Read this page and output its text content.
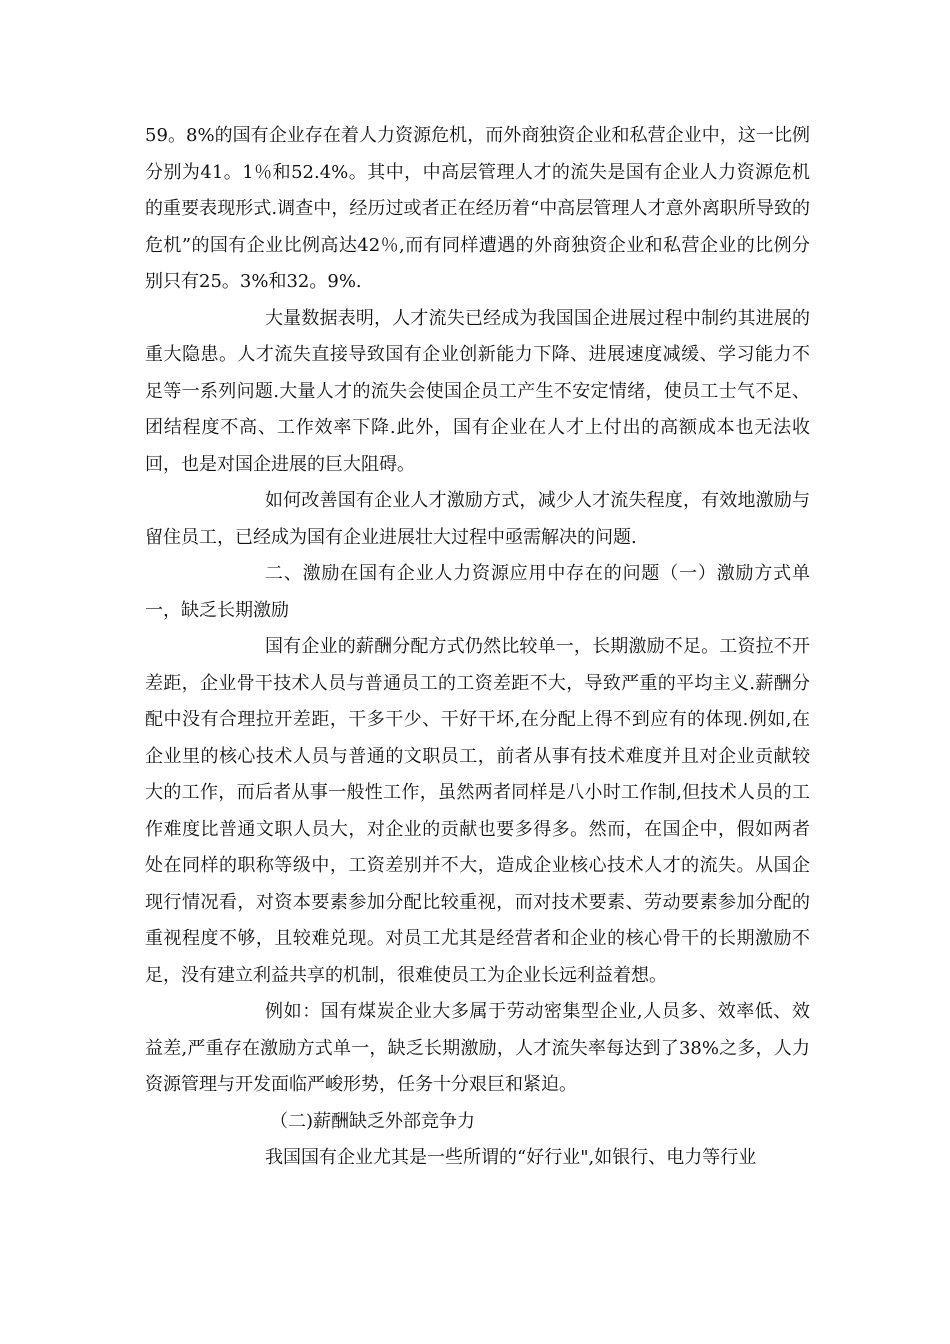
59。8%的国有企业存在着人力资源危机，而外商独资企业和私营企业中，这一比例分别为41。1％和52.4%。其中，中高层管理人才的流失是国有企业人力资源危机的重要表现形式.调查中，经历过或者正在经历着“中高层管理人才意外离职所导致的危机”的国有企业比例高达42％,而有同样遭遇的外商独资企业和私营企业的比例分别只有25。3%和32。9%.

大量数据表明，人才流失已经成为我国国企进展过程中制约其进展的重大隐患。人才流失直接导致国有企业创新能力下降、进展速度减缓、学习能力不足等一系列问题.大量人才的流失会使国企员工产生不安定情绪，使员工士气不足、团结程度不高、工作效率下降.此外，国有企业在人才上付出的高额成本也无法收回，也是对国企进展的巨大阻碍。

如何改善国有企业人才激励方式，减少人才流失程度，有效地激励与留住员工，已经成为国有企业进展壮大过程中亟需解决的问题.

二、激励在国有企业人力资源应用中存在的问题（一）激励方式单一，缺乏长期激励

国有企业的薪酬分配方式仍然比较单一，长期激励不足。工资拉不开差距，企业骨干技术人员与普通员工的工资差距不大，导致严重的平均主义.薪酬分配中没有合理拉开差距，干多干少、干好干坏,在分配上得不到应有的体现.例如,在企业里的核心技术人员与普通的文职员工，前者从事有技术难度并且对企业贡献较大的工作，而后者从事一般性工作，虽然两者同样是八小时工作制,但技术人员的工作难度比普通文职人员大，对企业的贡献也要多得多。然而，在国企中，假如两者处在同样的职称等级中，工资差别并不大，造成企业核心技术人才的流失。从国企现行情况看，对资本要素参加分配比较重视，而对技术要素、劳动要素参加分配的重视程度不够，且较难兑现。对员工尤其是经营者和企业的核心骨干的长期激励不足，没有建立利益共享的机制，很难使员工为企业长远利益着想。

例如：国有煤炭企业大多属于劳动密集型企业,人员多、效率低、效益差,严重存在激励方式单一，缺乏长期激励，人才流失率每达到了38%之多，人力资源管理与开发面临严峻形势，任务十分艰巨和紧迫。

（二)薪酬缺乏外部竞争力

我国国有企业尤其是一些所谓的“好行业",如银行、电力等行业
